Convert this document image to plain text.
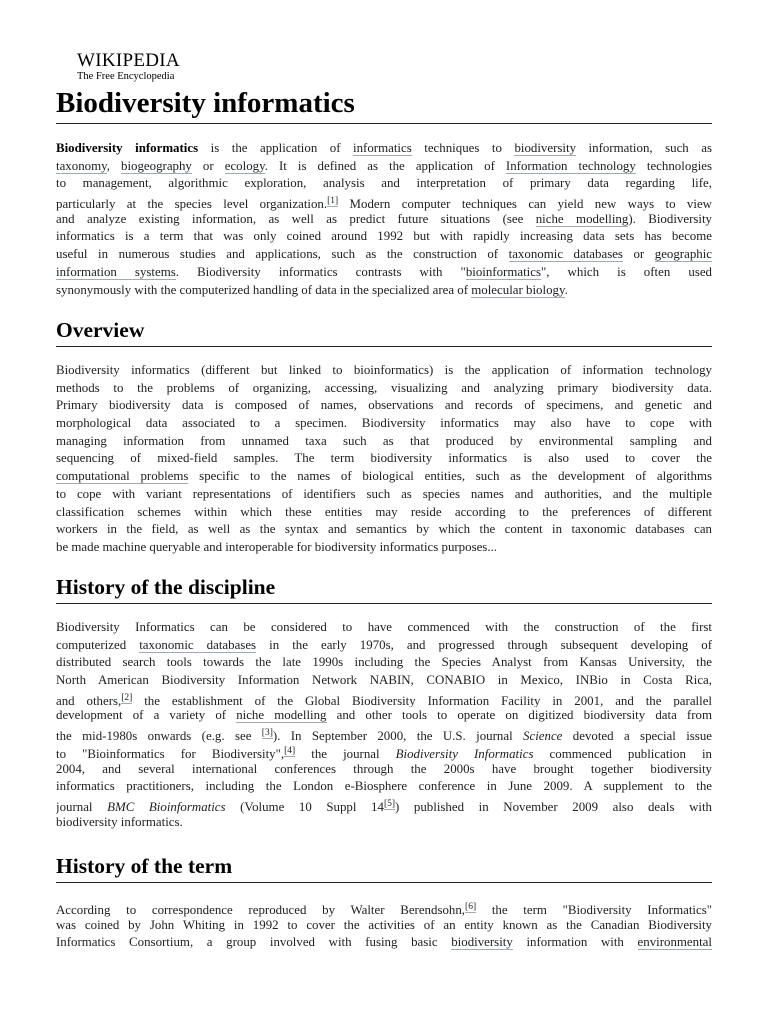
WIKIPEDIA
The Free Encyclopedia
Biodiversity informatics
Biodiversity informatics is the application of informatics techniques to biodiversity information, such as
taxonomy, biogeography or ecology. It is defined as the application of Information technology technologies
to management, algorithmic exploration, analysis and interpretation of primary data regarding life,
particularly at the species level organization.[1] Modern computer techniques can yield new ways to view
and analyze existing information, as well as predict future situations (see niche modelling). Biodiversity
informatics is a term that was only coined around 1992 but with rapidly increasing data sets has become
useful in numerous studies and applications, such as the construction of taxonomic databases or geographic
information systems. Biodiversity informatics contrasts with "bioinformatics", which is often used
synonymously with the computerized handling of data in the specialized area of molecular biology.
Overview
Biodiversity informatics (different but linked to bioinformatics) is the application of information technology
methods to the problems of organizing, accessing, visualizing and analyzing primary biodiversity data.
Primary biodiversity data is composed of names, observations and records of specimens, and genetic and
morphological data associated to a specimen. Biodiversity informatics may also have to cope with
managing information from unnamed taxa such as that produced by environmental sampling and
sequencing of mixed-field samples. The term biodiversity informatics is also used to cover the
computational problems specific to the names of biological entities, such as the development of algorithms
to cope with variant representations of identifiers such as species names and authorities, and the multiple
classification schemes within which these entities may reside according to the preferences of different
workers in the field, as well as the syntax and semantics by which the content in taxonomic databases can
be made machine queryable and interoperable for biodiversity informatics purposes...
History of the discipline
Biodiversity Informatics can be considered to have commenced with the construction of the first
computerized taxonomic databases in the early 1970s, and progressed through subsequent developing of
distributed search tools towards the late 1990s including the Species Analyst from Kansas University, the
North American Biodiversity Information Network NABIN, CONABIO in Mexico, INBio in Costa Rica,
and others,[2] the establishment of the Global Biodiversity Information Facility in 2001, and the parallel
development of a variety of niche modelling and other tools to operate on digitized biodiversity data from
the mid-1980s onwards (e.g. see [3]). In September 2000, the U.S. journal Science devoted a special issue
to "Bioinformatics for Biodiversity",[4] the journal Biodiversity Informatics commenced publication in
2004, and several international conferences through the 2000s have brought together biodiversity
informatics practitioners, including the London e-Biosphere conference in June 2009. A supplement to the
journal BMC Bioinformatics (Volume 10 Suppl 14[5]) published in November 2009 also deals with
biodiversity informatics.
History of the term
According to correspondence reproduced by Walter Berendsohn,[6] the term "Biodiversity Informatics"
was coined by John Whiting in 1992 to cover the activities of an entity known as the Canadian Biodiversity
Informatics Consortium, a group involved with fusing basic biodiversity information with environmental
